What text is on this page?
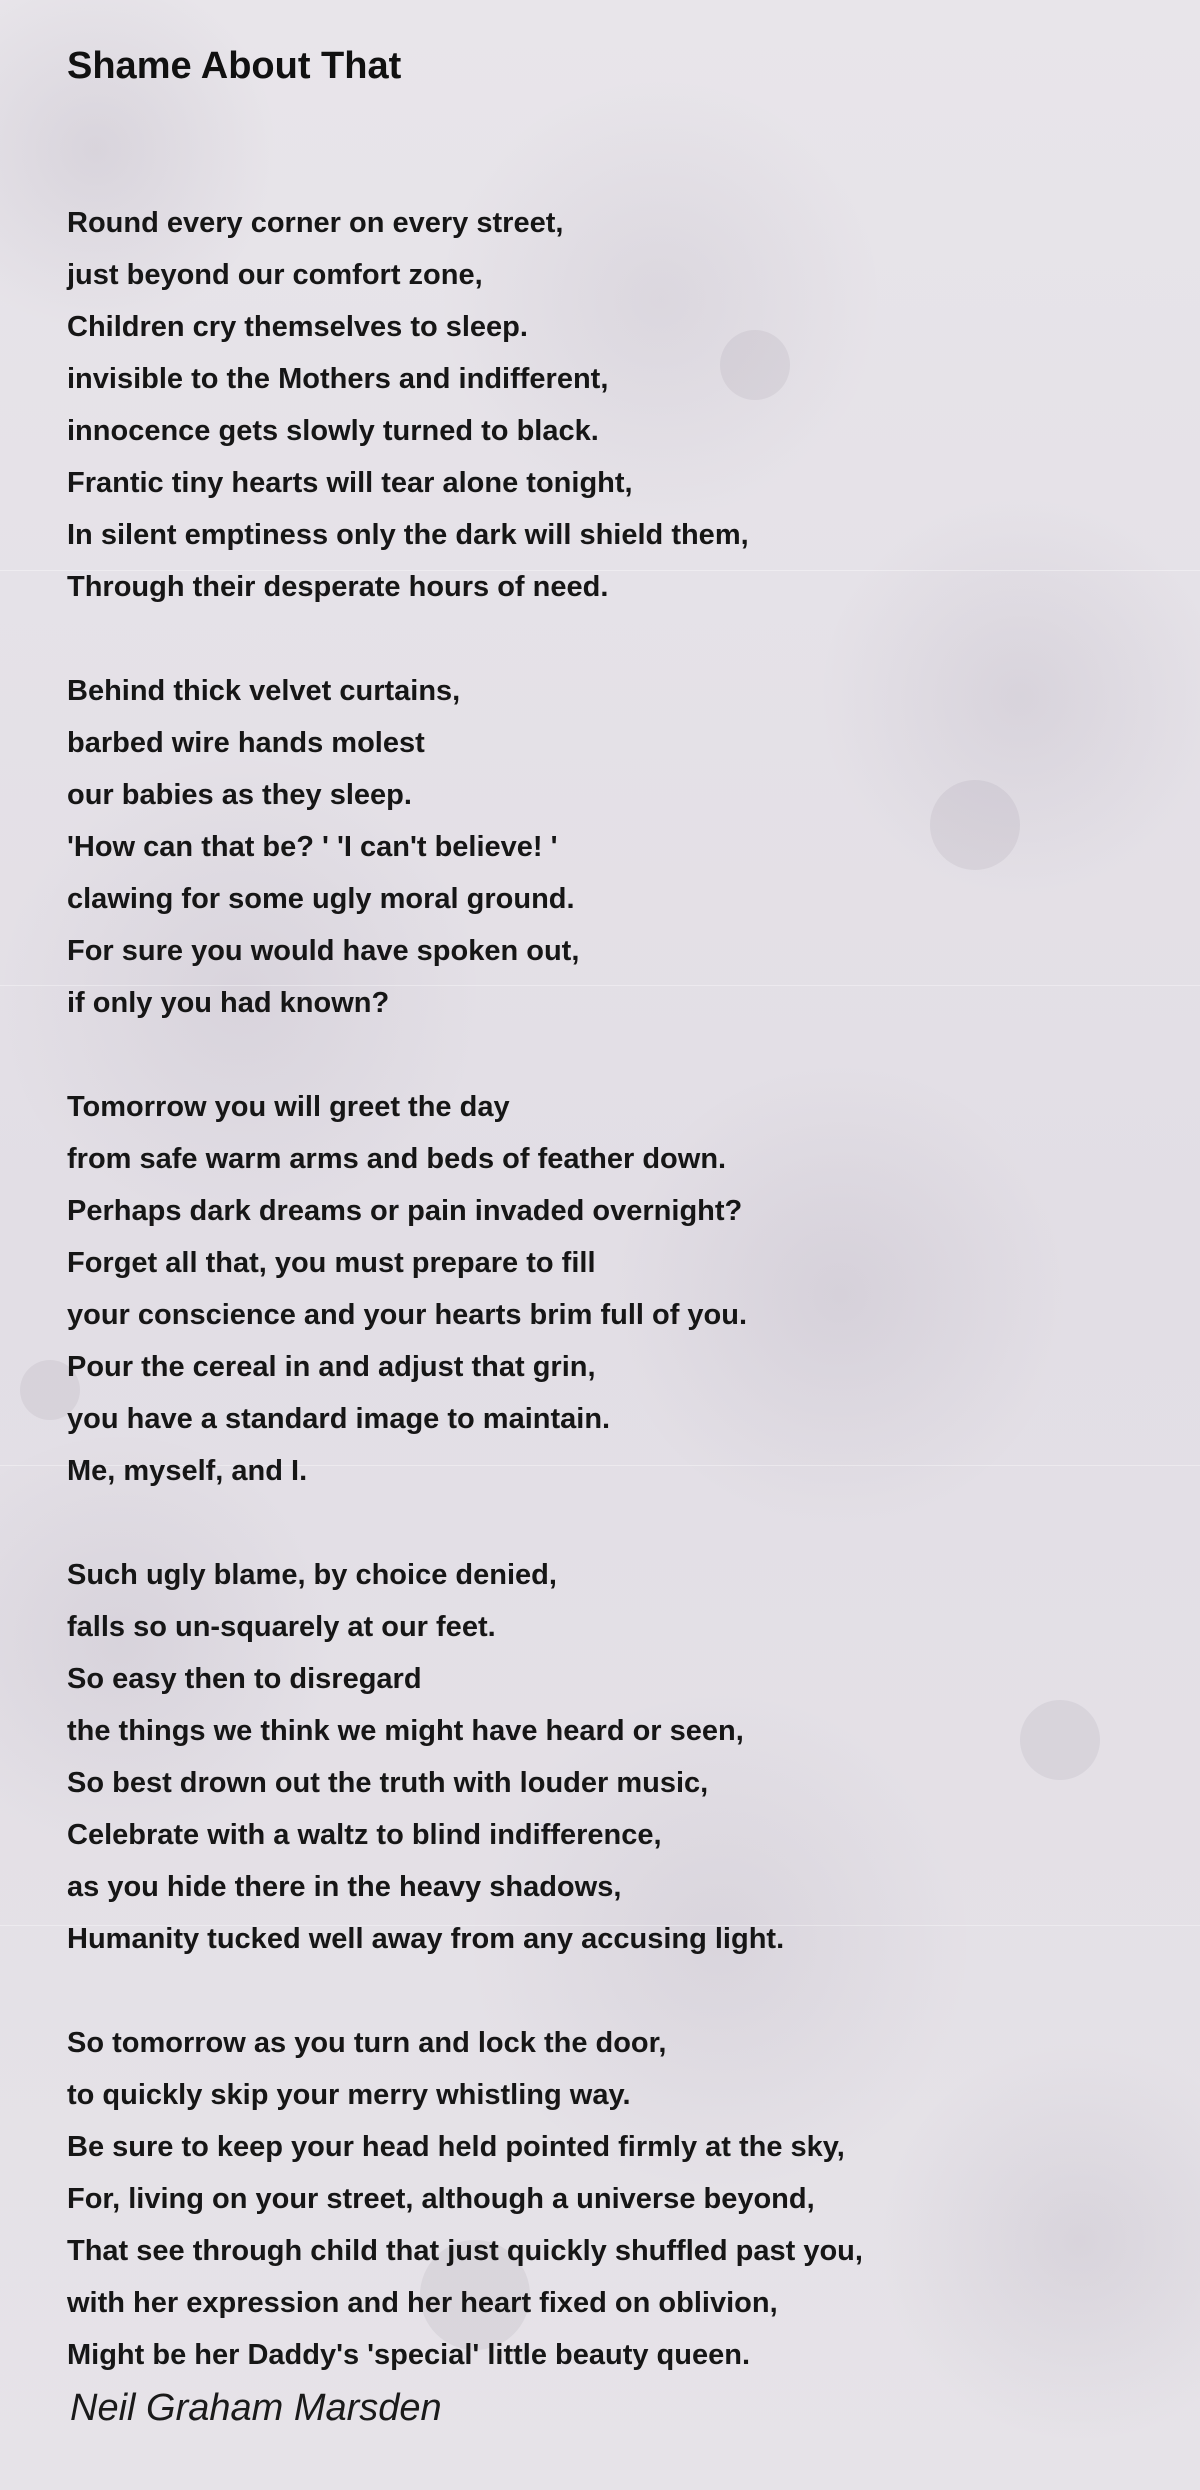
Shame About That
Round every corner on every street,
just beyond our comfort zone,
Children cry themselves to sleep.
invisible to the Mothers and indifferent,
innocence gets slowly turned to black.
Frantic tiny hearts will tear alone tonight,
In silent emptiness only the dark will shield them,
Through their desperate hours of need.
Behind thick velvet curtains,
barbed wire hands molest
our babies as they sleep.
'How can that be? ' 'I can't believe! '
clawing for some ugly moral ground.
For sure you would have spoken out,
if only you had known?
Tomorrow you will greet the day
from safe warm arms and beds of feather down.
Perhaps dark dreams or pain invaded overnight?
Forget all that, you must prepare to fill
your conscience and your hearts brim full of you.
Pour the cereal in and adjust that grin,
you have a standard image to maintain.
Me, myself, and I.
Such ugly blame, by choice denied,
falls so un-squarely at our feet.
So easy then to disregard
the things we think we might have heard or seen,
So best drown out the truth with louder music,
Celebrate with a waltz to blind indifference,
as you hide there in the heavy shadows,
Humanity tucked well away from any accusing light.
So tomorrow as you turn and lock the door,
to quickly skip your merry whistling way.
Be sure to keep your head held pointed firmly at the sky,
For, living on your street, although a universe beyond,
That see through child that just quickly shuffled past you,
with her expression and her heart fixed on oblivion,
Might be her Daddy's 'special' little beauty queen.
Neil Graham Marsden
